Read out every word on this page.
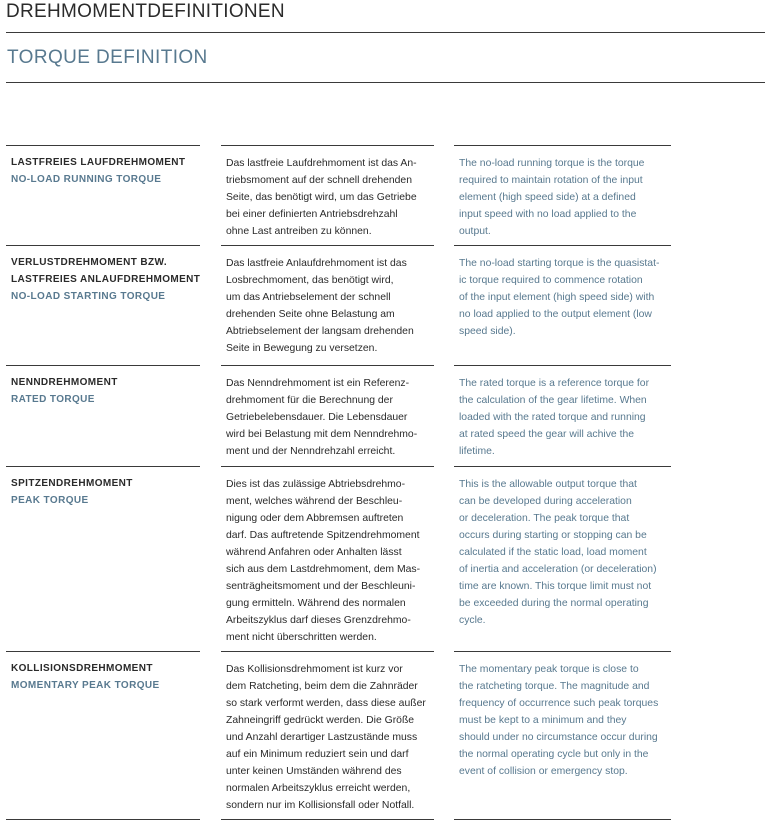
DREHMOMENTDEFINITIONEN
TORQUE DEFINITION
LASTFREIES LAUFDREHMOMENT
NO-LOAD RUNNING TORQUE
Das lastfreie Laufdrehmoment ist das An-
triebsmoment auf der schnell drehenden
Seite, das benötigt wird, um das Getriebe
bei einer definierten Antriebsdrehzahl
ohne Last antreiben zu können.
The no-load running torque is the torque
required to maintain rotation of the input
element (high speed side) at a defined
input speed with no load applied to the
output.
VERLUSTDREHMOMENT BZW.
LASTFREIES ANLAUFDREHMOMENT
NO-LOAD STARTING TORQUE
Das lastfreie Anlaufdrehmoment ist das
Losbrechmoment, das benötigt wird,
um das Antriebselement der schnell
drehenden Seite ohne Belastung am
Abtriebselement der langsam drehenden
Seite in Bewegung zu versetzen.
The no-load starting torque is the quasistat-
ic torque required to commence rotation
of the input element (high speed side) with
no load applied to the output element (low
speed side).
NENNDREHMOMENT
RATED TORQUE
Das Nenndrehmoment ist ein Referenz-
drehmoment für die Berechnung der
Getriebelebensdauer. Die Lebensdauer
wird bei Belastung mit dem Nenndrehmo-
ment und der Nenndrehzahl erreicht.
The rated torque is a reference torque for
the calculation of the gear lifetime. When
loaded with the rated torque and running
at rated speed the gear will achive the
lifetime.
SPITZENDREHMOMENT
PEAK TORQUE
Dies ist das zulässige Abtriebsdrehmo-
ment, welches während der Beschleu-
nigung oder dem Abbremsen auftreten
darf. Das auftretende Spitzendrehmoment
während Anfahren oder Anhalten lässt
sich aus dem Lastdrehmoment, dem Mas-
senträgheitsmoment und der Beschleuni-
gung ermitteln. Während des normalen
Arbeitszyklus darf dieses Grenzdrehmo-
ment nicht überschritten werden.
This is the allowable output torque that
can be developed during acceleration
or deceleration. The peak torque that
occurs during starting or stopping can be
calculated if the static load, load moment
of inertia and acceleration (or deceleration)
time are known. This torque limit must not
be exceeded during the normal operating
cycle.
KOLLISIONSDREHMOMENT
MOMENTARY PEAK TORQUE
Das Kollisionsdrehmoment ist kurz vor
dem Ratcheting, beim dem die Zahnräder
so stark verformt werden, dass diese außer
Zahneingriff gedrückt werden. Die Größe
und Anzahl derartiger Lastzustände muss
auf ein Minimum reduziert sein und darf
unter keinen Umständen während des
normalen Arbeitszyklus erreicht werden,
sondern nur im Kollisionsfall oder Notfall.
The momentary peak torque is close to
the ratcheting torque. The magnitude and
frequency of occurrence such peak torques
must be kept to a minimum and they
should under no circumstance occur during
the normal operating cycle but only in the
event of collision or emergency stop.
